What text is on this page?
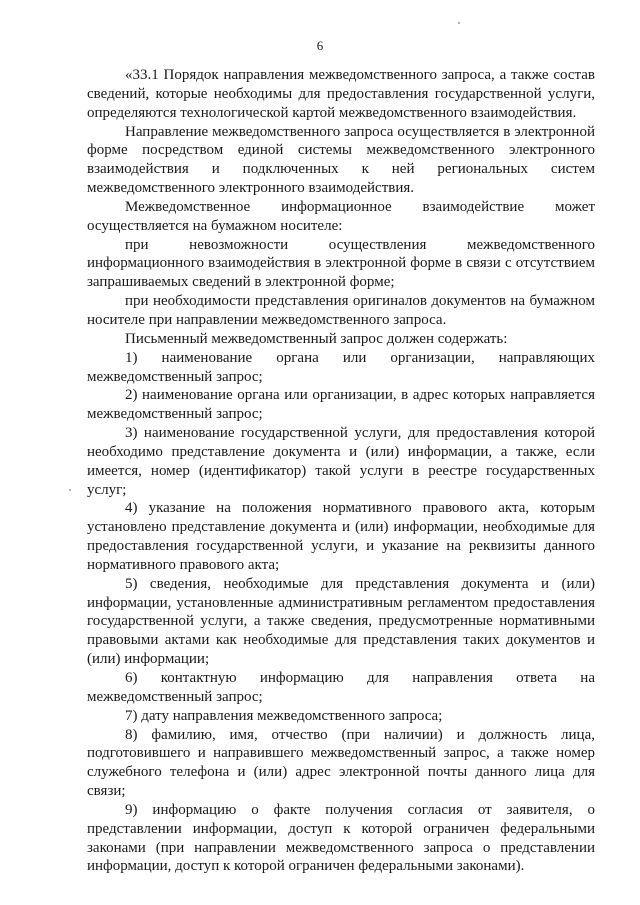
6

«33.1 Порядок направления межведомственного запроса, а также состав сведений, которые необходимы для предоставления государственной услуги, определяются технологической картой межведомственного взаимодействия.

Направление межведомственного запроса осуществляется в электронной форме посредством единой системы межведомственного электронного взаимодействия и подключенных к ней региональных систем межведомственного электронного взаимодействия.

Межведомственное информационное взаимодействие может осуществляется на бумажном носителе:

при невозможности осуществления межведомственного информационного взаимодействия в электронной форме в связи с отсутствием запрашиваемых сведений в электронной форме;

при необходимости представления оригиналов документов на бумажном носителе при направлении межведомственного запроса.

Письменный межведомственный запрос должен содержать:

1) наименование органа или организации, направляющих межведомственный запрос;

2) наименование органа или организации, в адрес которых направляется межведомственный запрос;

3) наименование государственной услуги, для предоставления которой необходимо представление документа и (или) информации, а также, если имеется, номер (идентификатор) такой услуги в реестре государственных услуг;

4) указание на положения нормативного правового акта, которым установлено представление документа и (или) информации, необходимые для предоставления государственной услуги, и указание на реквизиты данного нормативного правового акта;

5) сведения, необходимые для представления документа и (или) информации, установленные административным регламентом предоставления государственной услуги, а также сведения, предусмотренные нормативными правовыми актами как необходимые для представления таких документов и (или) информации;

6) контактную информацию для направления ответа на межведомственный запрос;

7) дату направления межведомственного запроса;

8) фамилию, имя, отчество (при наличии) и должность лица, подготовившего и направившего межведомственный запрос, а также номер служебного телефона и (или) адрес электронной почты данного лица для связи;

9) информацию о факте получения согласия от заявителя, о представлении информации, доступ к которой ограничен федеральными законами (при направлении межведомственного запроса о представлении информации, доступ к которой ограничен федеральными законами).
